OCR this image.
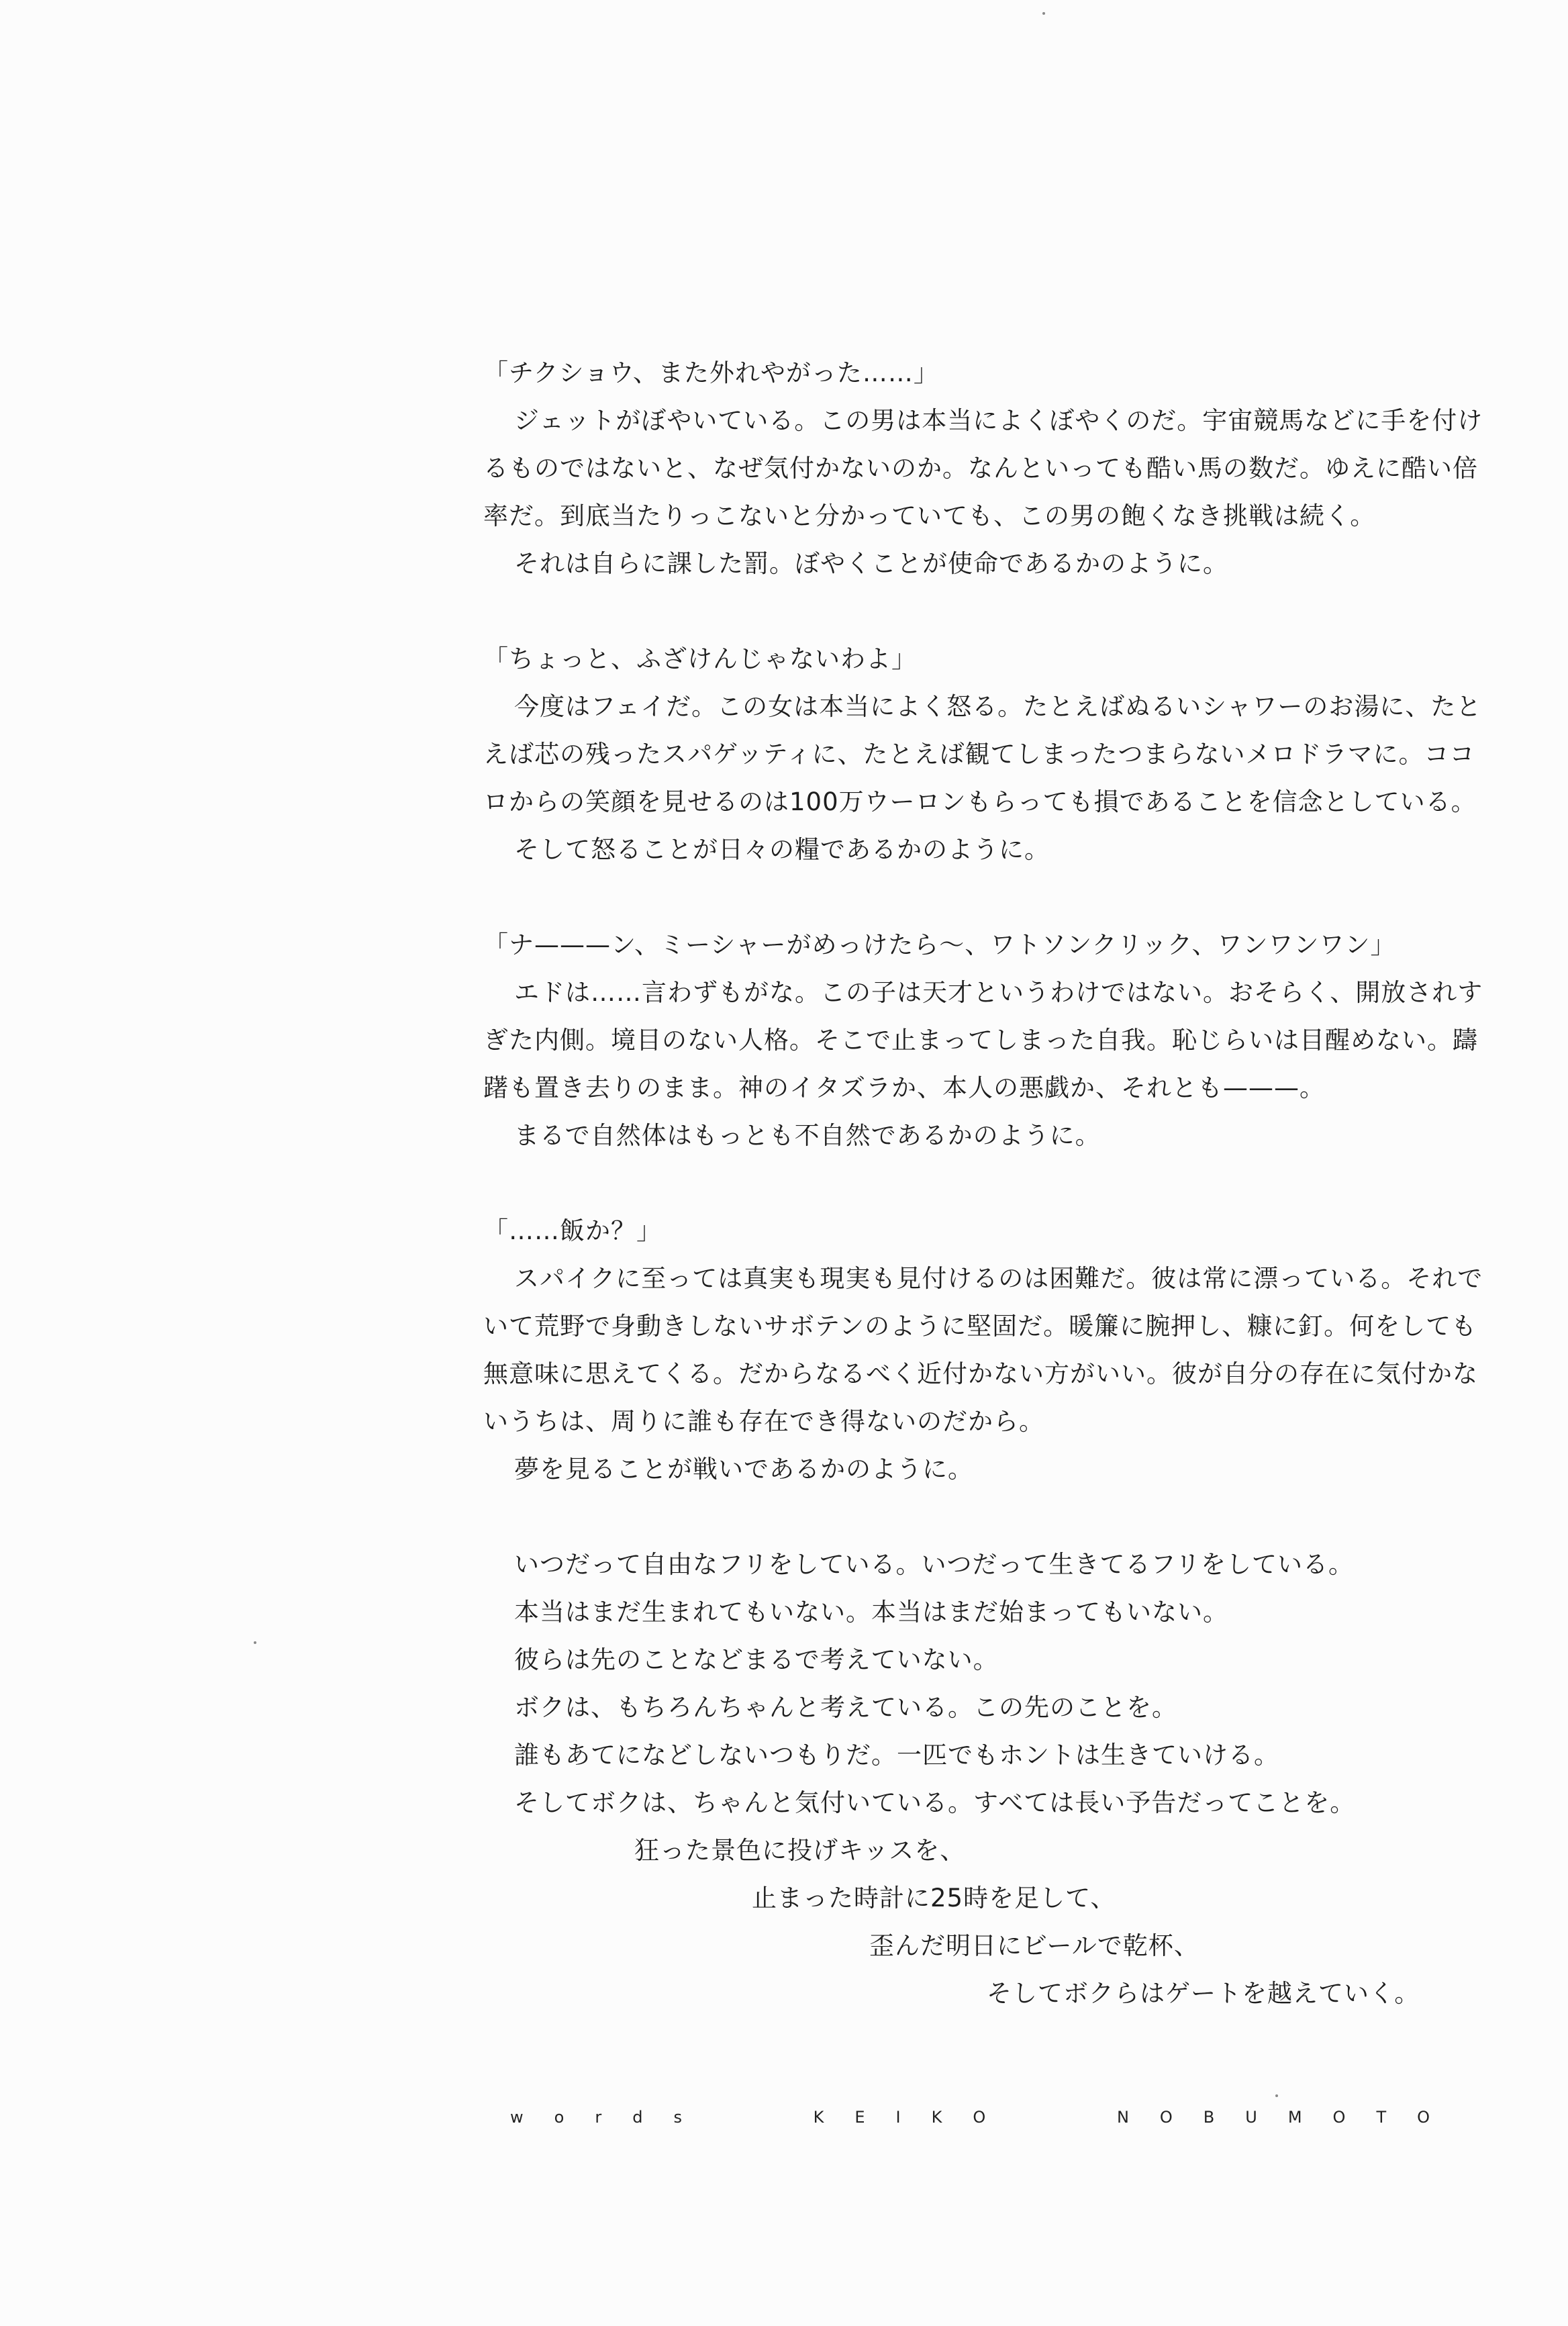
「チクショウ、また外れやがった……」
ジェットがぼやいている。この男は本当によくぼやくのだ。宇宙競馬などに手を付け
るものではないと、なぜ気付かないのか。なんといっても酷い馬の数だ。ゆえに酷い倍
率だ。到底当たりっこないと分かっていても、この男の飽くなき挑戦は続く。
それは自らに課した罰。ぼやくことが使命であるかのように。
「ちょっと、ふざけんじゃないわよ」
今度はフェイだ。この女は本当によく怒る。たとえばぬるいシャワーのお湯に、たと
えば芯の残ったスパゲッティに、たとえば観てしまったつまらないメロドラマに。ココ
ロからの笑顔を見せるのは100万ウーロンもらっても損であることを信念としている。
そして怒ることが日々の糧であるかのように。
「ナ———ン、ミーシャーがめっけたら〜、ワトソンクリック、ワンワンワン」
エドは……言わずもがな。この子は天才というわけではない。おそらく、開放されす
ぎた内側。境目のない人格。そこで止まってしまった自我。恥じらいは目醒めない。躊
躇も置き去りのまま。神のイタズラか、本人の悪戯か、それとも———。
まるで自然体はもっとも不自然であるかのように。
「……飯か？」
スパイクに至っては真実も現実も見付けるのは困難だ。彼は常に漂っている。それで
いて荒野で身動きしないサボテンのように堅固だ。暖簾に腕押し、糠に釘。何をしても
無意味に思えてくる。だからなるべく近付かない方がいい。彼が自分の存在に気付かな
いうちは、周りに誰も存在でき得ないのだから。
夢を見ることが戦いであるかのように。
いつだって自由なフリをしている。いつだって生きてるフリをしている。
本当はまだ生まれてもいない。本当はまだ始まってもいない。
彼らは先のことなどまるで考えていない。
ボクは、もちろんちゃんと考えている。この先のことを。
誰もあてになどしないつもりだ。一匹でもホントは生きていける。
そしてボクは、ちゃんと気付いている。すべては長い予告だってことを。
狂った景色に投げキッスを、
止まった時計に25時を足して、
歪んだ明日にビールで乾杯、
そしてボクらはゲートを越えていく。
w o r d s	K E I K O	N O B U M O T O
